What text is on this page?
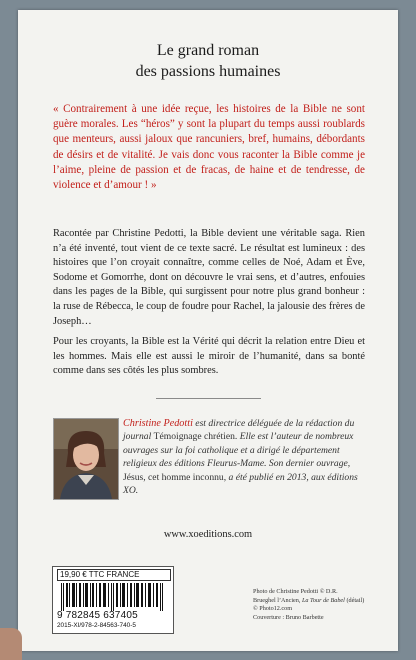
Le grand roman
des passions humaines
« Contrairement à une idée reçue, les histoires de la Bible ne sont guère morales. Les “héros” y sont la plupart du temps aussi roublards que menteurs, aussi jaloux que rancuniers, bref, humains, débordants de désirs et de vitalité. Je vais donc vous raconter la Bible comme je l’aime, pleine de passion et de fracas, de haine et de tendresse, de violence et d’amour ! »
Racontée par Christine Pedotti, la Bible devient une véritable saga. Rien n’a été inventé, tout vient de ce texte sacré. Le résultat est lumineux : des histoires que l’on croyait connaître, comme celles de Noé, Adam et Ève, Sodome et Gomorrhe, dont on découvre le vrai sens, et d’autres, enfouies dans les pages de la Bible, qui surgissent pour notre plus grand bonheur : la ruse de Rébecca, le coup de foudre pour Rachel, la jalousie des frères de Joseph…
Pour les croyants, la Bible est la Vérité qui décrit la relation entre Dieu et les hommes. Mais elle est aussi le miroir de l’humanité, dans sa bonté comme dans ses côtés les plus sombres.
Christine Pedotti est directrice déléguée de la rédaction du journal Témoignage chrétien. Elle est l’auteur de nombreux ouvrages sur la foi catholique et a dirigé le département religieux des éditions Fleurus-Mame. Son dernier ouvrage, Jésus, cet homme inconnu, a été publié en 2013, aux éditions XO.
www.xoeditions.com
19,90 € TTC FRANCE
9 782845 637405
2015-XI/978-2-84563-740-5
Photo de Christine Pedotti © D.R.
Brueghel l’Ancien, La Tour de Babel (détail)
© Photo12.com
Couverture : Bruno Barbette
